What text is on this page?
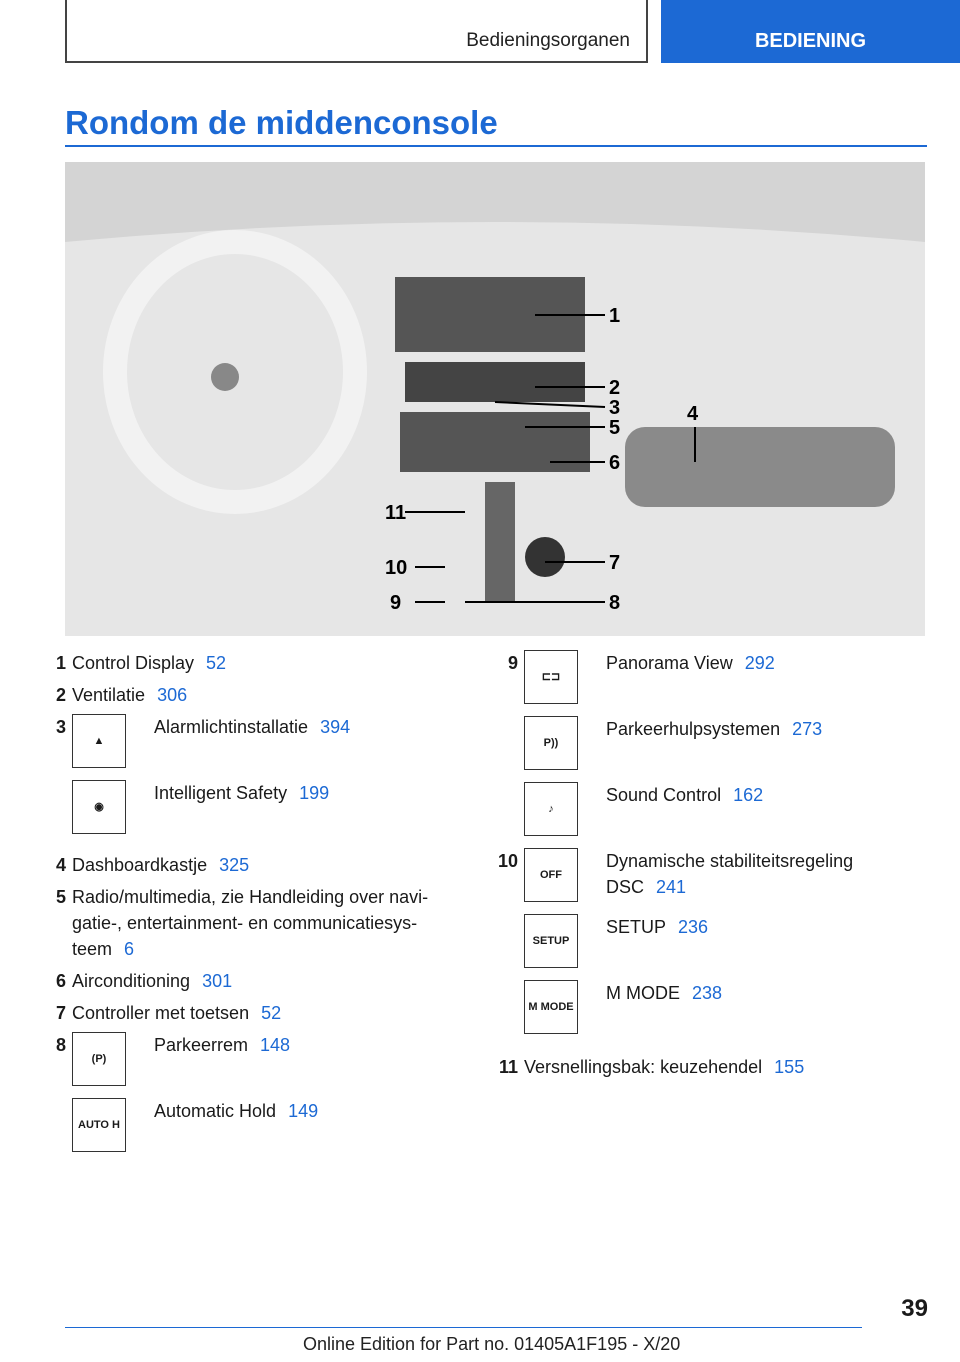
Bedieningsorganen	BEDIENING
Rondom de middenconsole
1
2
3
5
6
4
11
7
10
9	8
1 Control Display 52
2 Ventilatie 306
3
▲
Alarmlichtinstallatie 394
◉
Intelligent Safety 199
4 Dashboardkastje 325
5 Radio/multimedia, zie Handleiding over navi-gatie-, entertainment- en communicatiesys-teem 6
6 Airconditioning 301
7 Controller met toetsen 52
8
(P)
Parkeerrem 148
AUTO H
Automatic Hold 149
9
⊏⊐
Panorama View 292
P))
Parkeerhulpsystemen 273
♪
Sound Control 162
10
OFF
Dynamische stabiliteitsregeling DSC 241
SETUP
SETUP 236
M MODE
M MODE 238
11 Versnellingsbak: keuzehendel 155
39
Online Edition for Part no. 01405A1F195 - X/20
